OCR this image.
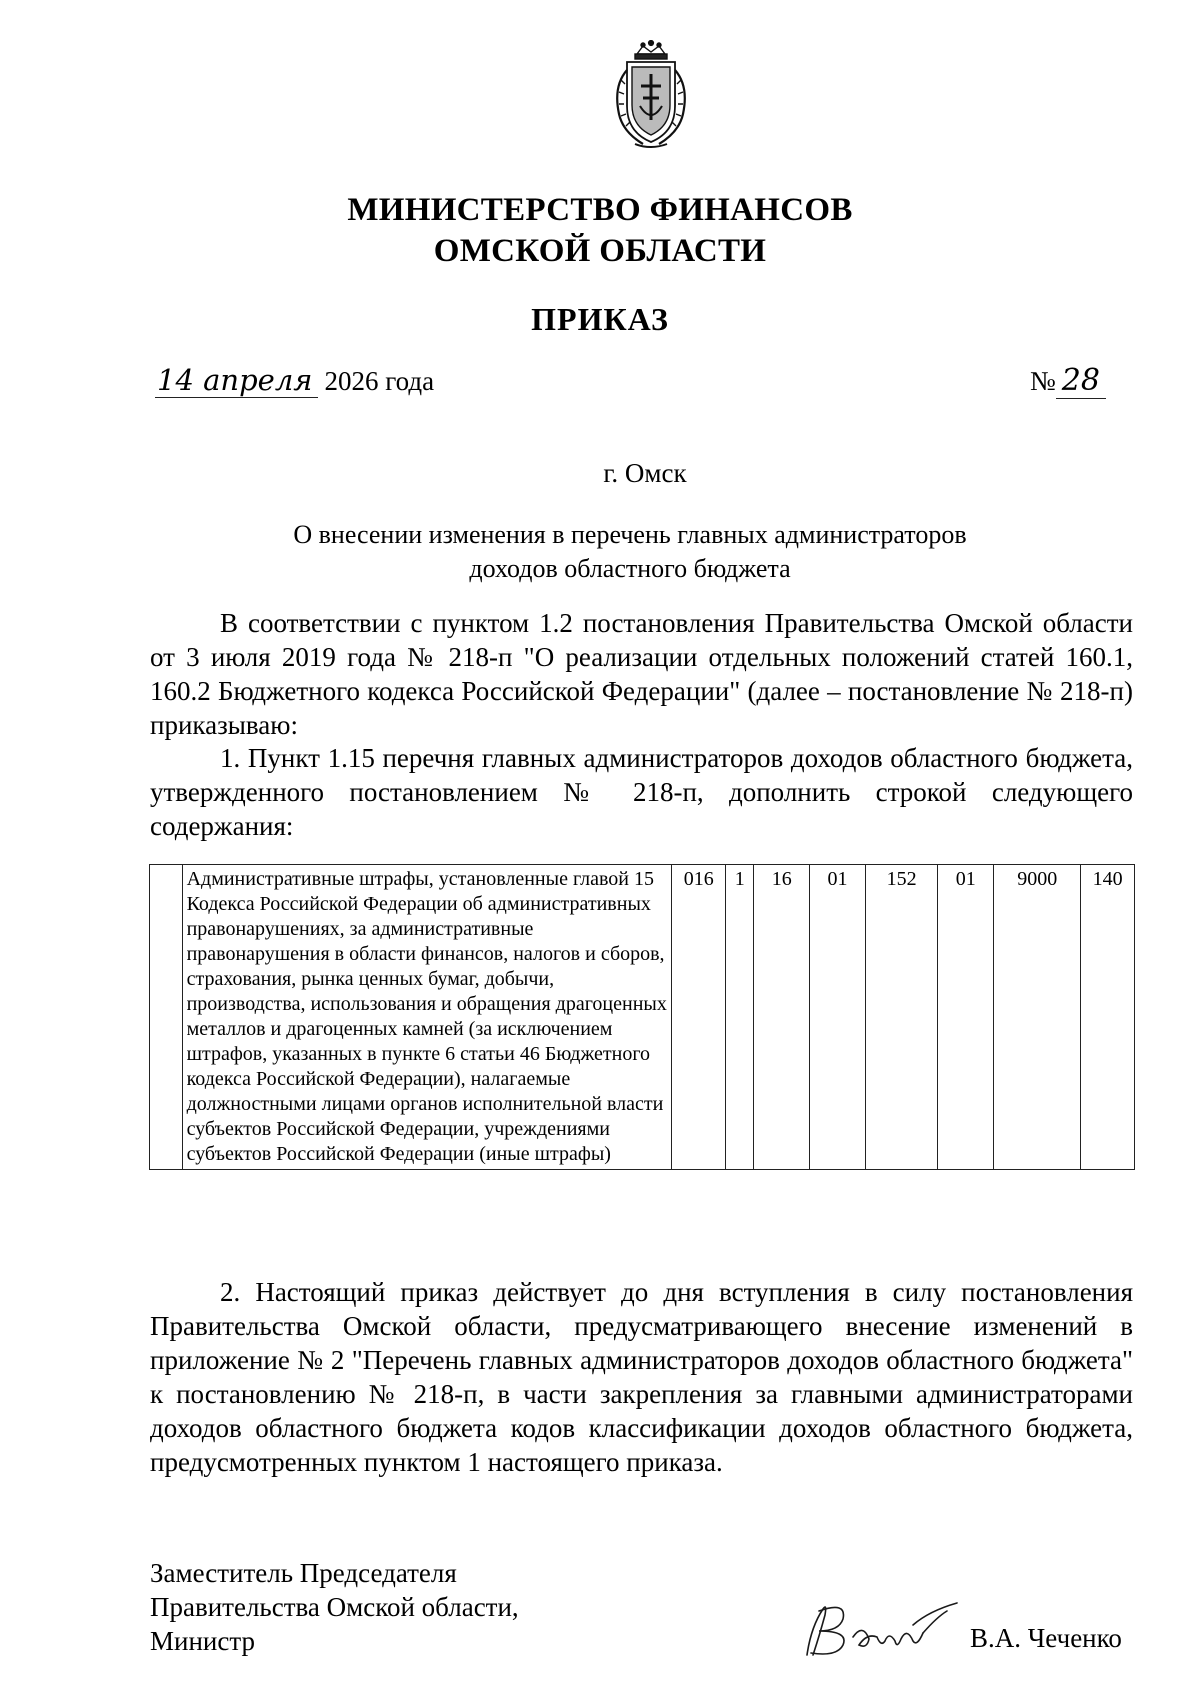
МИНИСТЕРСТВО ФИНАНСОВ
ОМСКОЙ ОБЛАСТИ
ПРИКАЗ
14 апреля 2026 года	№ 28
г. Омск
О внесении изменения в перечень главных администраторов
доходов областного бюджета

В соответствии с пунктом 1.2 постановления Правительства Омской области от 3 июля 2019 года № 218-п "О реализации отдельных положений статей 160.1, 160.2 Бюджетного кодекса Российской Федерации" (далее – постановление № 218-п) приказываю:

1. Пункт 1.15 перечня главных администраторов доходов областного бюджета, утвержденного постановлением № 218-п, дополнить строкой следующего содержания:

	Административные штрафы, установленные главой 15 Кодекса Российской Федерации об административных правонарушениях, за административные правонарушения в области финансов, налогов и сборов, страхования, рынка ценных бумаг, добычи, производства, использования и обращения драгоценных металлов и драгоценных камней (за исключением штрафов, указанных в пункте 6 статьи 46 Бюджетного кодекса Российской Федерации), налагаемые должностными лицами органов исполнительной власти субъектов Российской Федерации, учреждениями субъектов Российской Федерации (иные штрафы)	016	1	16	01	152	01	9000	140

2. Настоящий приказ действует до дня вступления в силу постановления Правительства Омской области, предусматривающего внесение изменений в приложение № 2 "Перечень главных администраторов доходов областного бюджета" к постановлению № 218-п, в части закрепления за главными администраторами доходов областного бюджета кодов классификации доходов областного бюджета, предусмотренных пунктом 1 настоящего приказа.

Заместитель Председателя
Правительства Омской области,
Министр	В.А. Чеченко
